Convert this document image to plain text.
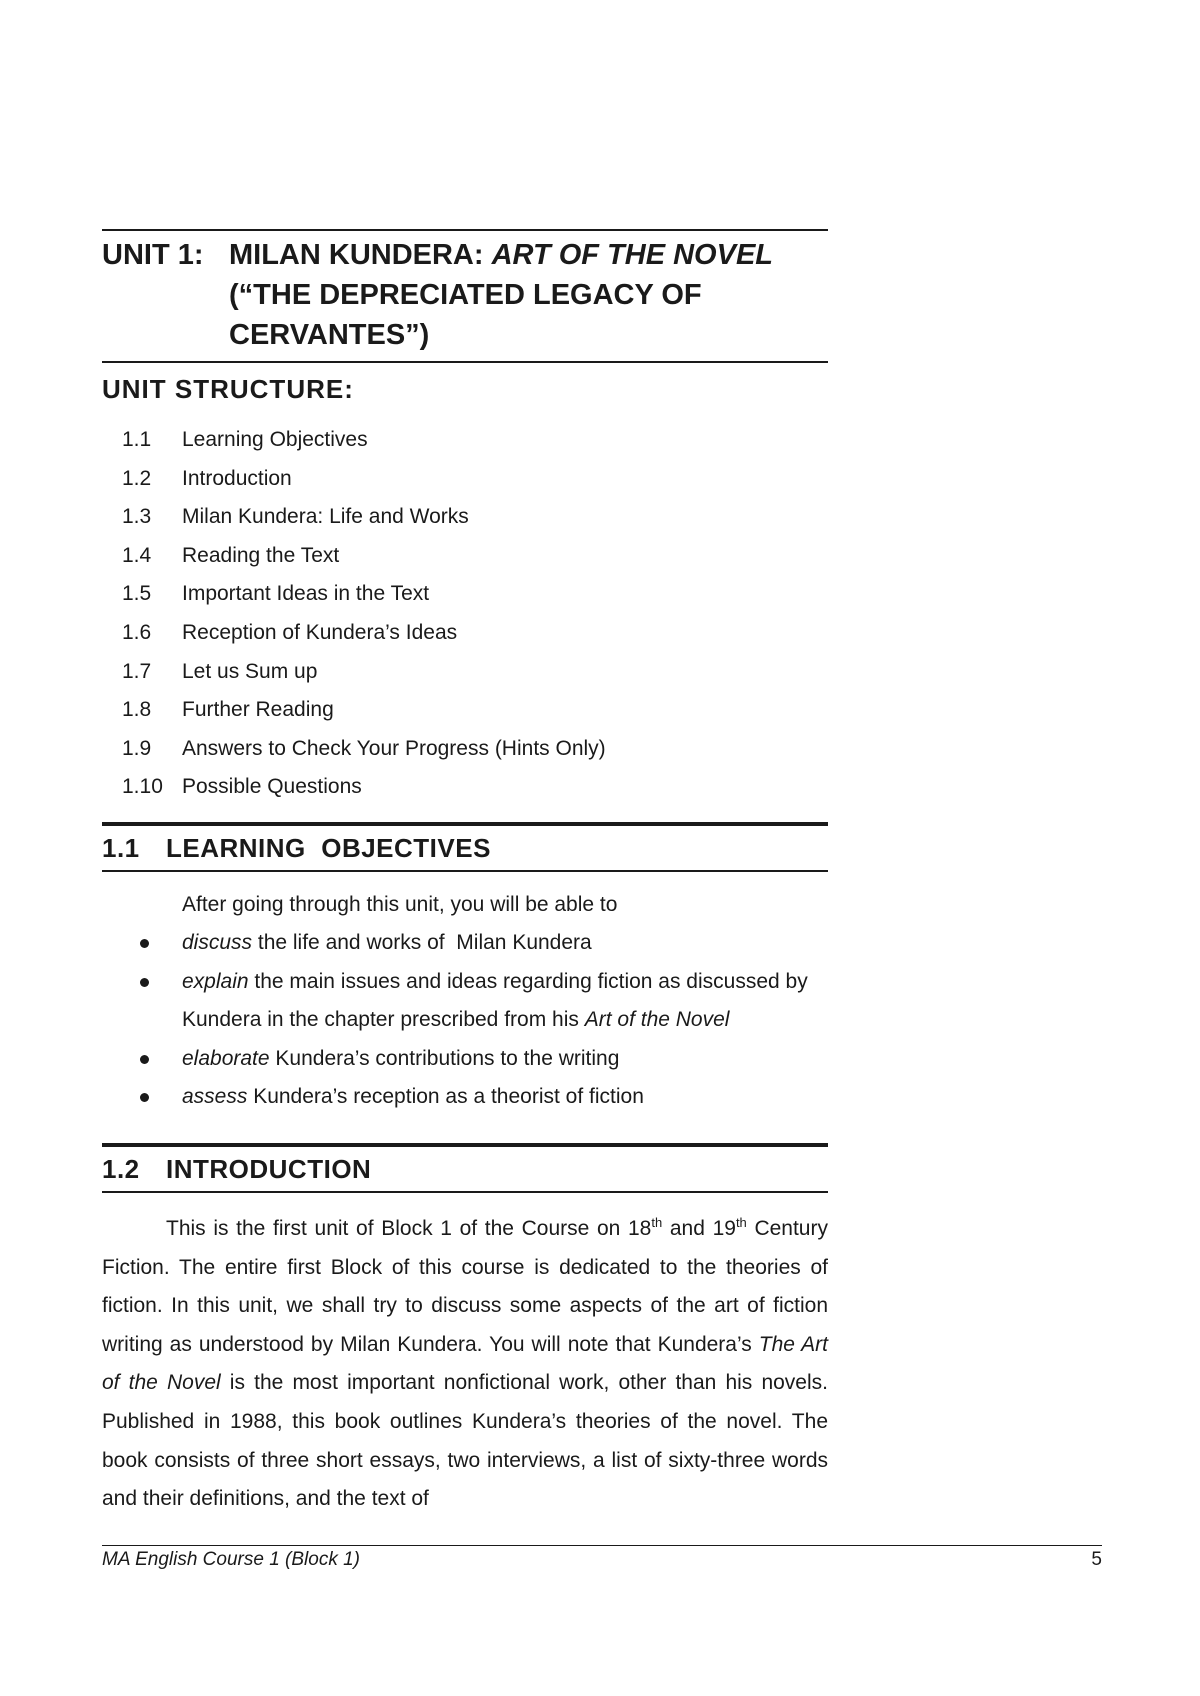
UNIT 1: MILAN KUNDERA: ART OF THE NOVEL
(“THE DEPRECIATED LEGACY OF

CERVANTES”)
UNIT STRUCTURE:
1.1	Learning Objectives
1.2	Introduction
1.3	Milan Kundera: Life and Works
1.4	Reading the Text
1.5	Important Ideas in the Text
1.6	Reception of Kundera’s Ideas
1.7	Let us Sum up
1.8	Further Reading
1.9	Answers to Check Your Progress (Hints Only)
1.10 Possible Questions
1.1 LEARNING  OBJECTIVES
After going through this unit, you will be able to
discuss the life and works of  Milan Kundera
explain the main issues and ideas regarding fiction as discussed by Kundera in the chapter prescribed from his Art of the Novel
elaborate Kundera’s contributions to the writing
assess Kundera’s reception as a theorist of fiction
1.2 INTRODUCTION

This is the first unit of Block 1 of the Course on 18th and 19th Century Fiction. The entire first Block of this course is dedicated to the theories of fiction. In this unit, we shall try to discuss some aspects of the art of fiction writing as understood by Milan Kundera. You will note that Kundera’s The Art of the Novel is the most important nonfictional work, other than his novels. Published in 1988, this book outlines Kundera’s theories of the novel. The book consists of three short essays, two interviews, a list of sixty-three words and their definitions, and the text of

MA English Course 1 (Block 1)	5
